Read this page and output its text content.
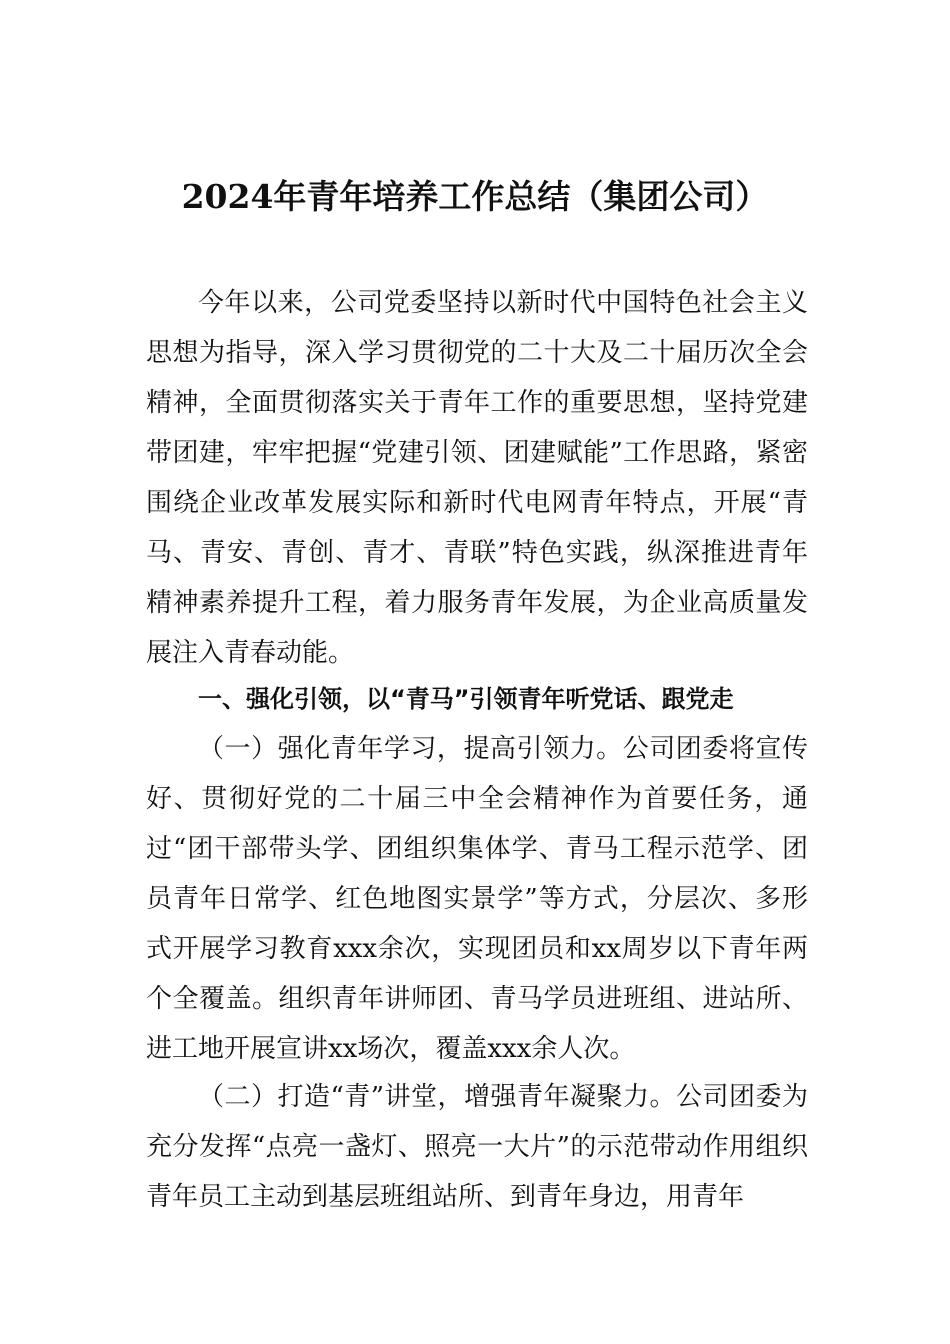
2024年青年培养工作总结（集团公司）

今年以来，公司党委坚持以新时代中国特色社会主义思想为指导，深入学习贯彻党的二十大及二十届历次全会精神，全面贯彻落实关于青年工作的重要思想，坚持党建带团建，牢牢把握“党建引领、团建赋能”工作思路，紧密围绕企业改革发展实际和新时代电网青年特点，开展“青马、青安、青创、青才、青联”特色实践，纵深推进青年精神素养提升工程，着力服务青年发展，为企业高质量发展注入青春动能。

一、强化引领，以“青马”引领青年听党话、跟党走

（一）强化青年学习，提高引领力。公司团委将宣传好、贯彻好党的二十届三中全会精神作为首要任务，通过“团干部带头学、团组织集体学、青马工程示范学、团员青年日常学、红色地图实景学”等方式，分层次、多形式开展学习教育xxx余次，实现团员和xx周岁以下青年两个全覆盖。组织青年讲师团、青马学员进班组、进站所、进工地开展宣讲xx场次，覆盖xxx余人次。

（二）打造“青”讲堂，增强青年凝聚力。公司团委为充分发挥“点亮一盏灯、照亮一大片”的示范带动作用组织青年员工主动到基层班组站所、到青年身边，用青年
